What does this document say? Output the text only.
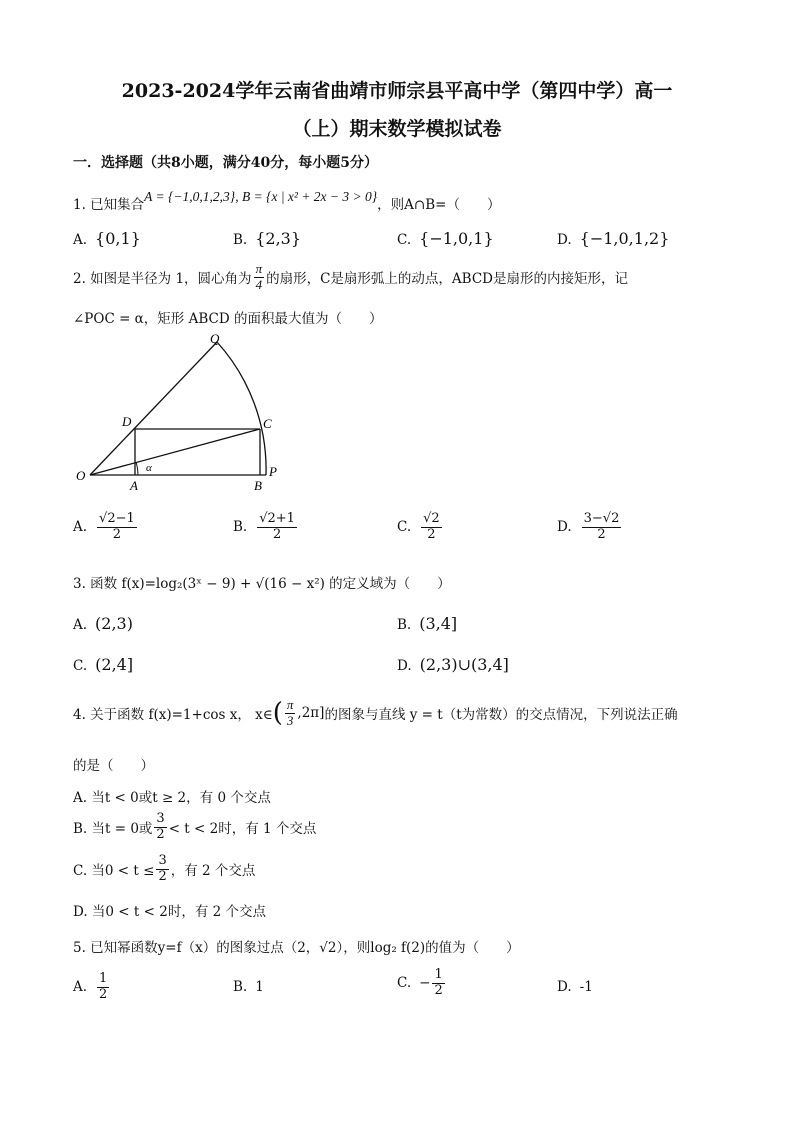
2023-2024学年云南省曲靖市师宗县平高中学（第四中学）高一
（上）期末数学模拟试卷
一．选择题（共8小题，满分40分，每小题5分）
1. 已知集合A = {−1,0,1,2,3}, B = {x | x² + 2x − 3 > 0}，则A∩B=（　　）
A. {0,1}	B. {2,3}	C. {−1,0,1}	D. {−1,0,1,2}
2. 如图是半径为 1，圆心角为 $\frac{\pi}{4}$ 的扇形，C是扇形弧上的动点，ABCD是扇形的内接矩形，记
∠POC = α，矩形 ABCD 的面积最大值为（　　）
Q
D	C
O
A	B
P
α
A. $\frac{√2-1}{2}$	B. $\frac{√2+1}{2}$	C. $\frac{√2}{2}$	D. $\frac{3-√2}{2}$
3. 函数 f(x)=log₂(3ˣ − 9) + √(16 − x²) 的定义域为（　　）
A. (2,3)	B. (3,4]
C. (2,4]	D. (2,3)∪(3,4]
4. 关于函数 f(x)=1+cos x， x∈ ( $\frac{\pi}{3} ,2\pi$] 的图象与直线 y = t（t为常数）的交点情况，下列说法正确
的是（　　）
A. 当t < 0或t ≥ 2，有 0 个交点
B. 当t = 0或 $\frac{3}{2} < t < 2$时，有 1 个交点
C. 当$0 < t \le \frac{3}{2}$ ，有 2 个交点
D. 当0 < t < 2时，有 2 个交点
5. 已知幂函数y=f（x）的图象过点（2，√2），则log₂ f(2)的值为（　　）
A. $\frac{1}{2}$	B. 1	C. − $\frac{1}{2}$	D. -1
